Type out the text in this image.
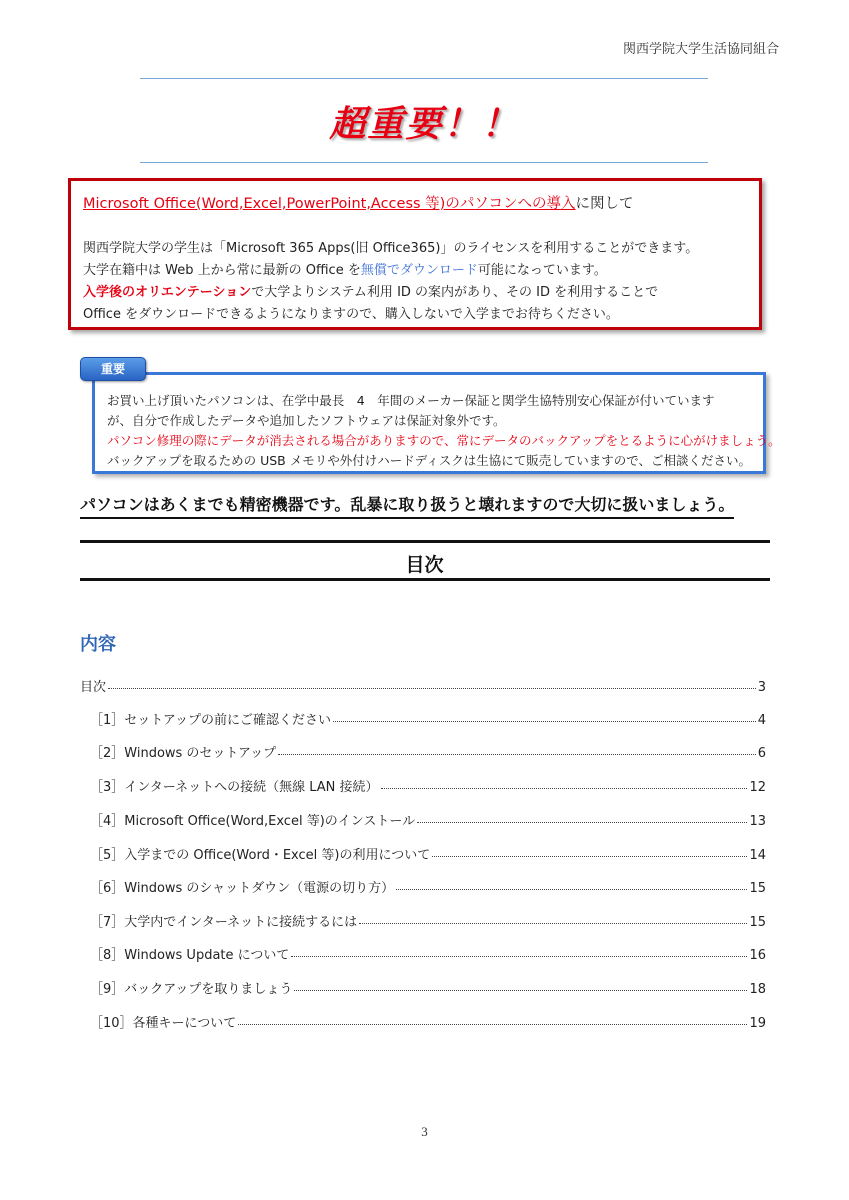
関西学院大学生活協同組合
超重要！！
Microsoft Office(Word,Excel,PowerPoint,Access 等)のパソコンへの導入に関して
関西学院大学の学生は「Microsoft 365 Apps(旧 Office365)」のライセンスを利用することができます。
大学在籍中は Web 上から常に最新の Office を無償でダウンロード可能になっています。
入学後のオリエンテーションで大学よりシステム利用 ID の案内があり、その ID を利用することで
Office をダウンロードできるようになりますので、購入しないで入学までお待ちください。
お買い上げ頂いたパソコンは、在学中最長　4　年間のメーカー保証と関学生協特別安心保証が付いています
が、自分で作成したデータや追加したソフトウェアは保証対象外です。
パソコン修理の際にデータが消去される場合がありますので、常にデータのバックアップをとるように心がけましょう。
バックアップを取るための USB メモリや外付けハードディスクは生協にて販売していますので、ご相談ください。
重要
パソコンはあくまでも精密機器です。乱暴に取り扱うと壊れますので大切に扱いましょう。
目次
内容
目次	3
［1］セットアップの前にご確認ください	4
［2］Windows のセットアップ	6
［3］インターネットへの接続（無線 LAN 接続）	12
［4］Microsoft Office(Word,Excel 等)のインストール	13
［5］入学までの Office(Word・Excel 等)の利用について	14
［6］Windows のシャットダウン（電源の切り方）	15
［7］大学内でインターネットに接続するには	15
［8］Windows Update について	16
［9］バックアップを取りましょう	18
［10］各種キーについて	19
3
